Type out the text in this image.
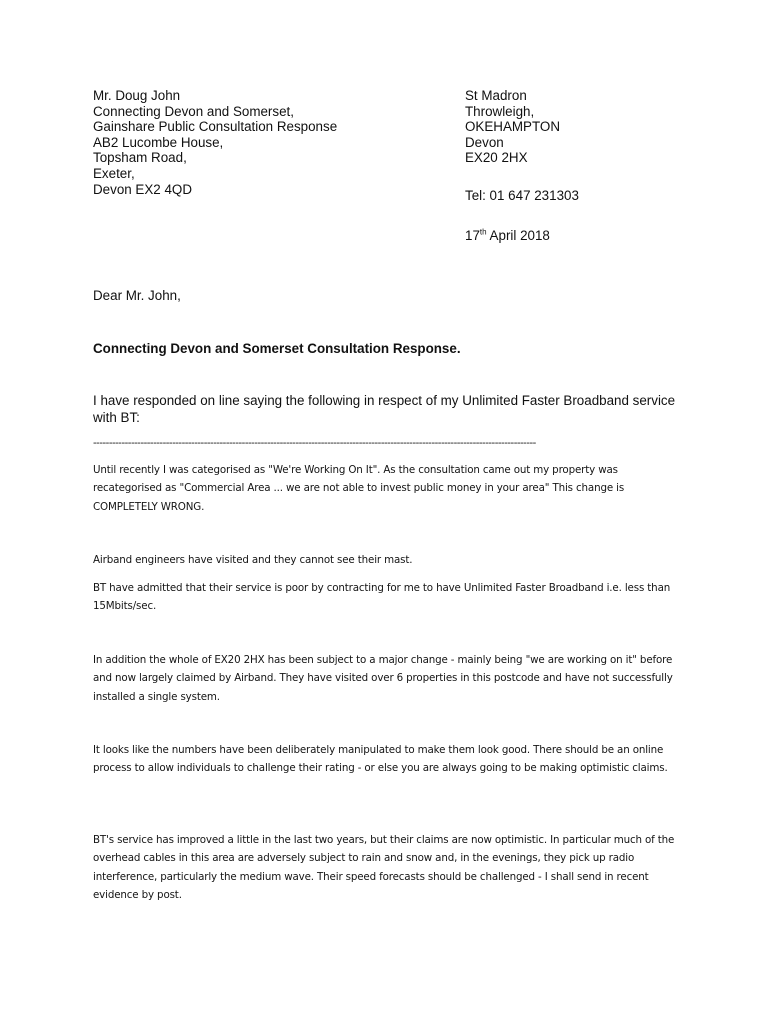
Mr. Doug John
Connecting Devon and Somerset,
Gainshare Public Consultation Response
AB2 Lucombe House,
Topsham Road,
Exeter,
Devon EX2 4QD
St Madron
Throwleigh,
OKEHAMPTON
Devon
EX20 2HX
Tel: 01 647 231303
17th April 2018
Dear Mr. John,
Connecting Devon and Somerset Consultation Response.
I have responded on line saying the following in respect of my Unlimited Faster Broadband service with BT:
--------------------------------------------------------------------------------------------------------------------------------------------
Until recently I was categorised as "We're Working On It". As the consultation came out my property was recategorised as "Commercial Area ... we are not able to invest public money in your area" This change is COMPLETELY WRONG.
Airband engineers have visited and they cannot see their mast.
BT have admitted that their service is poor by contracting for me to have Unlimited Faster Broadband i.e. less than 15Mbits/sec.
In addition the whole of EX20 2HX has been subject to a major change - mainly being "we are working on it" before and now largely claimed by Airband. They have visited over 6 properties in this postcode and have not successfully installed a single system.
It looks like the numbers have been deliberately manipulated to make them look good. There should be an online process to allow individuals to challenge their rating - or else you are always going to be making optimistic claims.
BT's service has improved a little in the last two years, but their claims are now optimistic. In particular much of the overhead cables in this area are adversely subject to rain and snow and, in the evenings, they pick up radio interference, particularly the medium wave. Their speed forecasts should be challenged - I shall send in recent evidence by post.
